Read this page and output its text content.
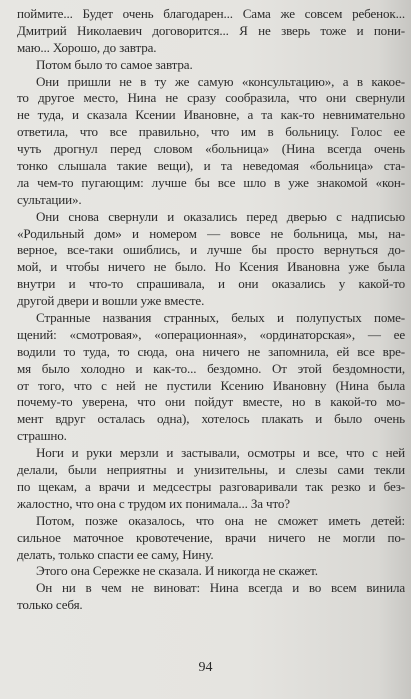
поймите... Будет очень благодарен... Сама же совсем ребенок...
Дмитрий Николаевич договорится... Я не зверь тоже и пони-
маю... Хорошо, до завтра.
Потом было то самое завтра.
Они пришли не в ту же самую «консультацию», а в какое-
то другое место, Нина не сразу сообразила, что они свернули
не туда, и сказала Ксении Ивановне, а та как-то невнимательно
ответила, что все правильно, что им в больницу. Голос ее
чуть дрогнул перед словом «больница» (Нина всегда очень
тонко слышала такие вещи), и та неведомая «больница» ста-
ла чем-то пугающим: лучше бы все шло в уже знакомой «кон-
сультации».
Они снова свернули и оказались перед дверью с надписью
«Родильный дом» и номером — вовсе не больница, мы, на-
верное, все-таки ошиблись, и лучше бы просто вернуться до-
мой, и чтобы ничего не было. Но Ксения Ивановна уже была
внутри и что-то спрашивала, и они оказались у какой-то
другой двери и вошли уже вместе.
Странные названия странных, белых и полупустых поме-
щений: «смотровая», «операционная», «ординаторская», — ее
водили то туда, то сюда, она ничего не запомнила, ей все вре-
мя было холодно и как-то... бездомно. От этой бездомности,
от того, что с ней не пустили Ксению Ивановну (Нина была
почему-то уверена, что они пойдут вместе, но в какой-то мо-
мент вдруг осталась одна), хотелось плакать и было очень
страшно.
Ноги и руки мерзли и застывали, осмотры и все, что с ней
делали, были неприятны и унизительны, и слезы сами текли
по щекам, а врачи и медсестры разговаривали так резко и без-
жалостно, что она с трудом их понимала... За что?
Потом, позже оказалось, что она не сможет иметь детей:
сильное маточное кровотечение, врачи ничего не могли по-
делать, только спасти ее саму, Нину.
Этого она Сережке не сказала. И никогда не скажет.
Он ни в чем не виноват: Нина всегда и во всем винила
только себя.
94
